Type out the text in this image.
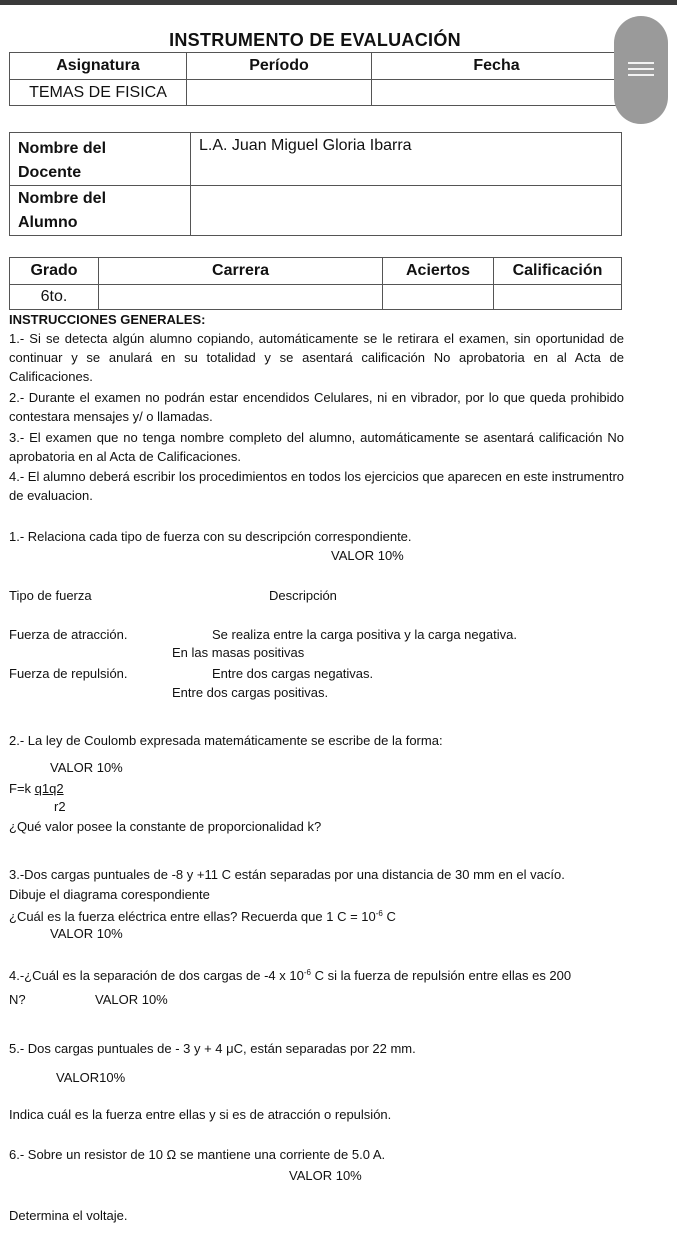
INSTRUMENTO DE EVALUACIÓN
Asignatura	Período	Fecha
TEMAS DE FISICA		
Nombre del
Docente	L.A. Juan Miguel Gloria Ibarra
Nombre del
Alumno	
Grado	Carrera	Aciertos	Calificación
6to.			
INSTRUCCIONES GENERALES:
1.- Si se detecta algún alumno copiando, automáticamente se le retirara el examen, sin oportunidad de continuar y se anulará en su totalidad y se asentará calificación No aprobatoria en al Acta de Calificaciones.
2.- Durante el examen no podrán estar encendidos Celulares, ni en vibrador, por lo que queda prohibido contestara mensajes y/ o llamadas.
3.- El examen que no tenga nombre completo del alumno, automáticamente se asentará calificación No aprobatoria en al Acta de Calificaciones.
4.- El alumno deberá escribir los procedimientos en todos los ejercicios que aparecen en este instrumentro de evaluacion.
1.- Relaciona cada tipo de fuerza con su descripción correspondiente.
VALOR 10%
Tipo de fuerza	Descripción
Fuerza de atracción.	Se realiza entre la carga positiva y la carga negativa.
En las masas positivas
Fuerza de repulsión.	Entre dos cargas negativas.
Entre dos cargas positivas.
2.- La ley de Coulomb expresada matemáticamente se escribe de la forma:
VALOR 10%
F=k q1q2
r2
¿Qué valor posee la constante de proporcionalidad k?
3.-Dos cargas puntuales de -8 y +11 C están separadas por una distancia de 30 mm en el vacío.
Dibuje el diagrama corespondiente
¿Cuál es la fuerza eléctrica entre ellas? Recuerda que 1 $C = 10^{-6}$ C
VALOR 10%
4.-¿Cuál es la separación de dos cargas de -4 x $10^{-6}$ C si la fuerza de repulsión entre ellas es 200
N?	VALOR 10%
5.- Dos cargas puntuales de - 3 y + 4 μC, están separadas por 22 mm.
VALOR10%
Indica cuál es la fuerza entre ellas y si es de atracción o repulsión.
6.- Sobre un resistor de 10 Ω se mantiene una corriente de 5.0 A.
VALOR 10%
Determina el voltaje.
